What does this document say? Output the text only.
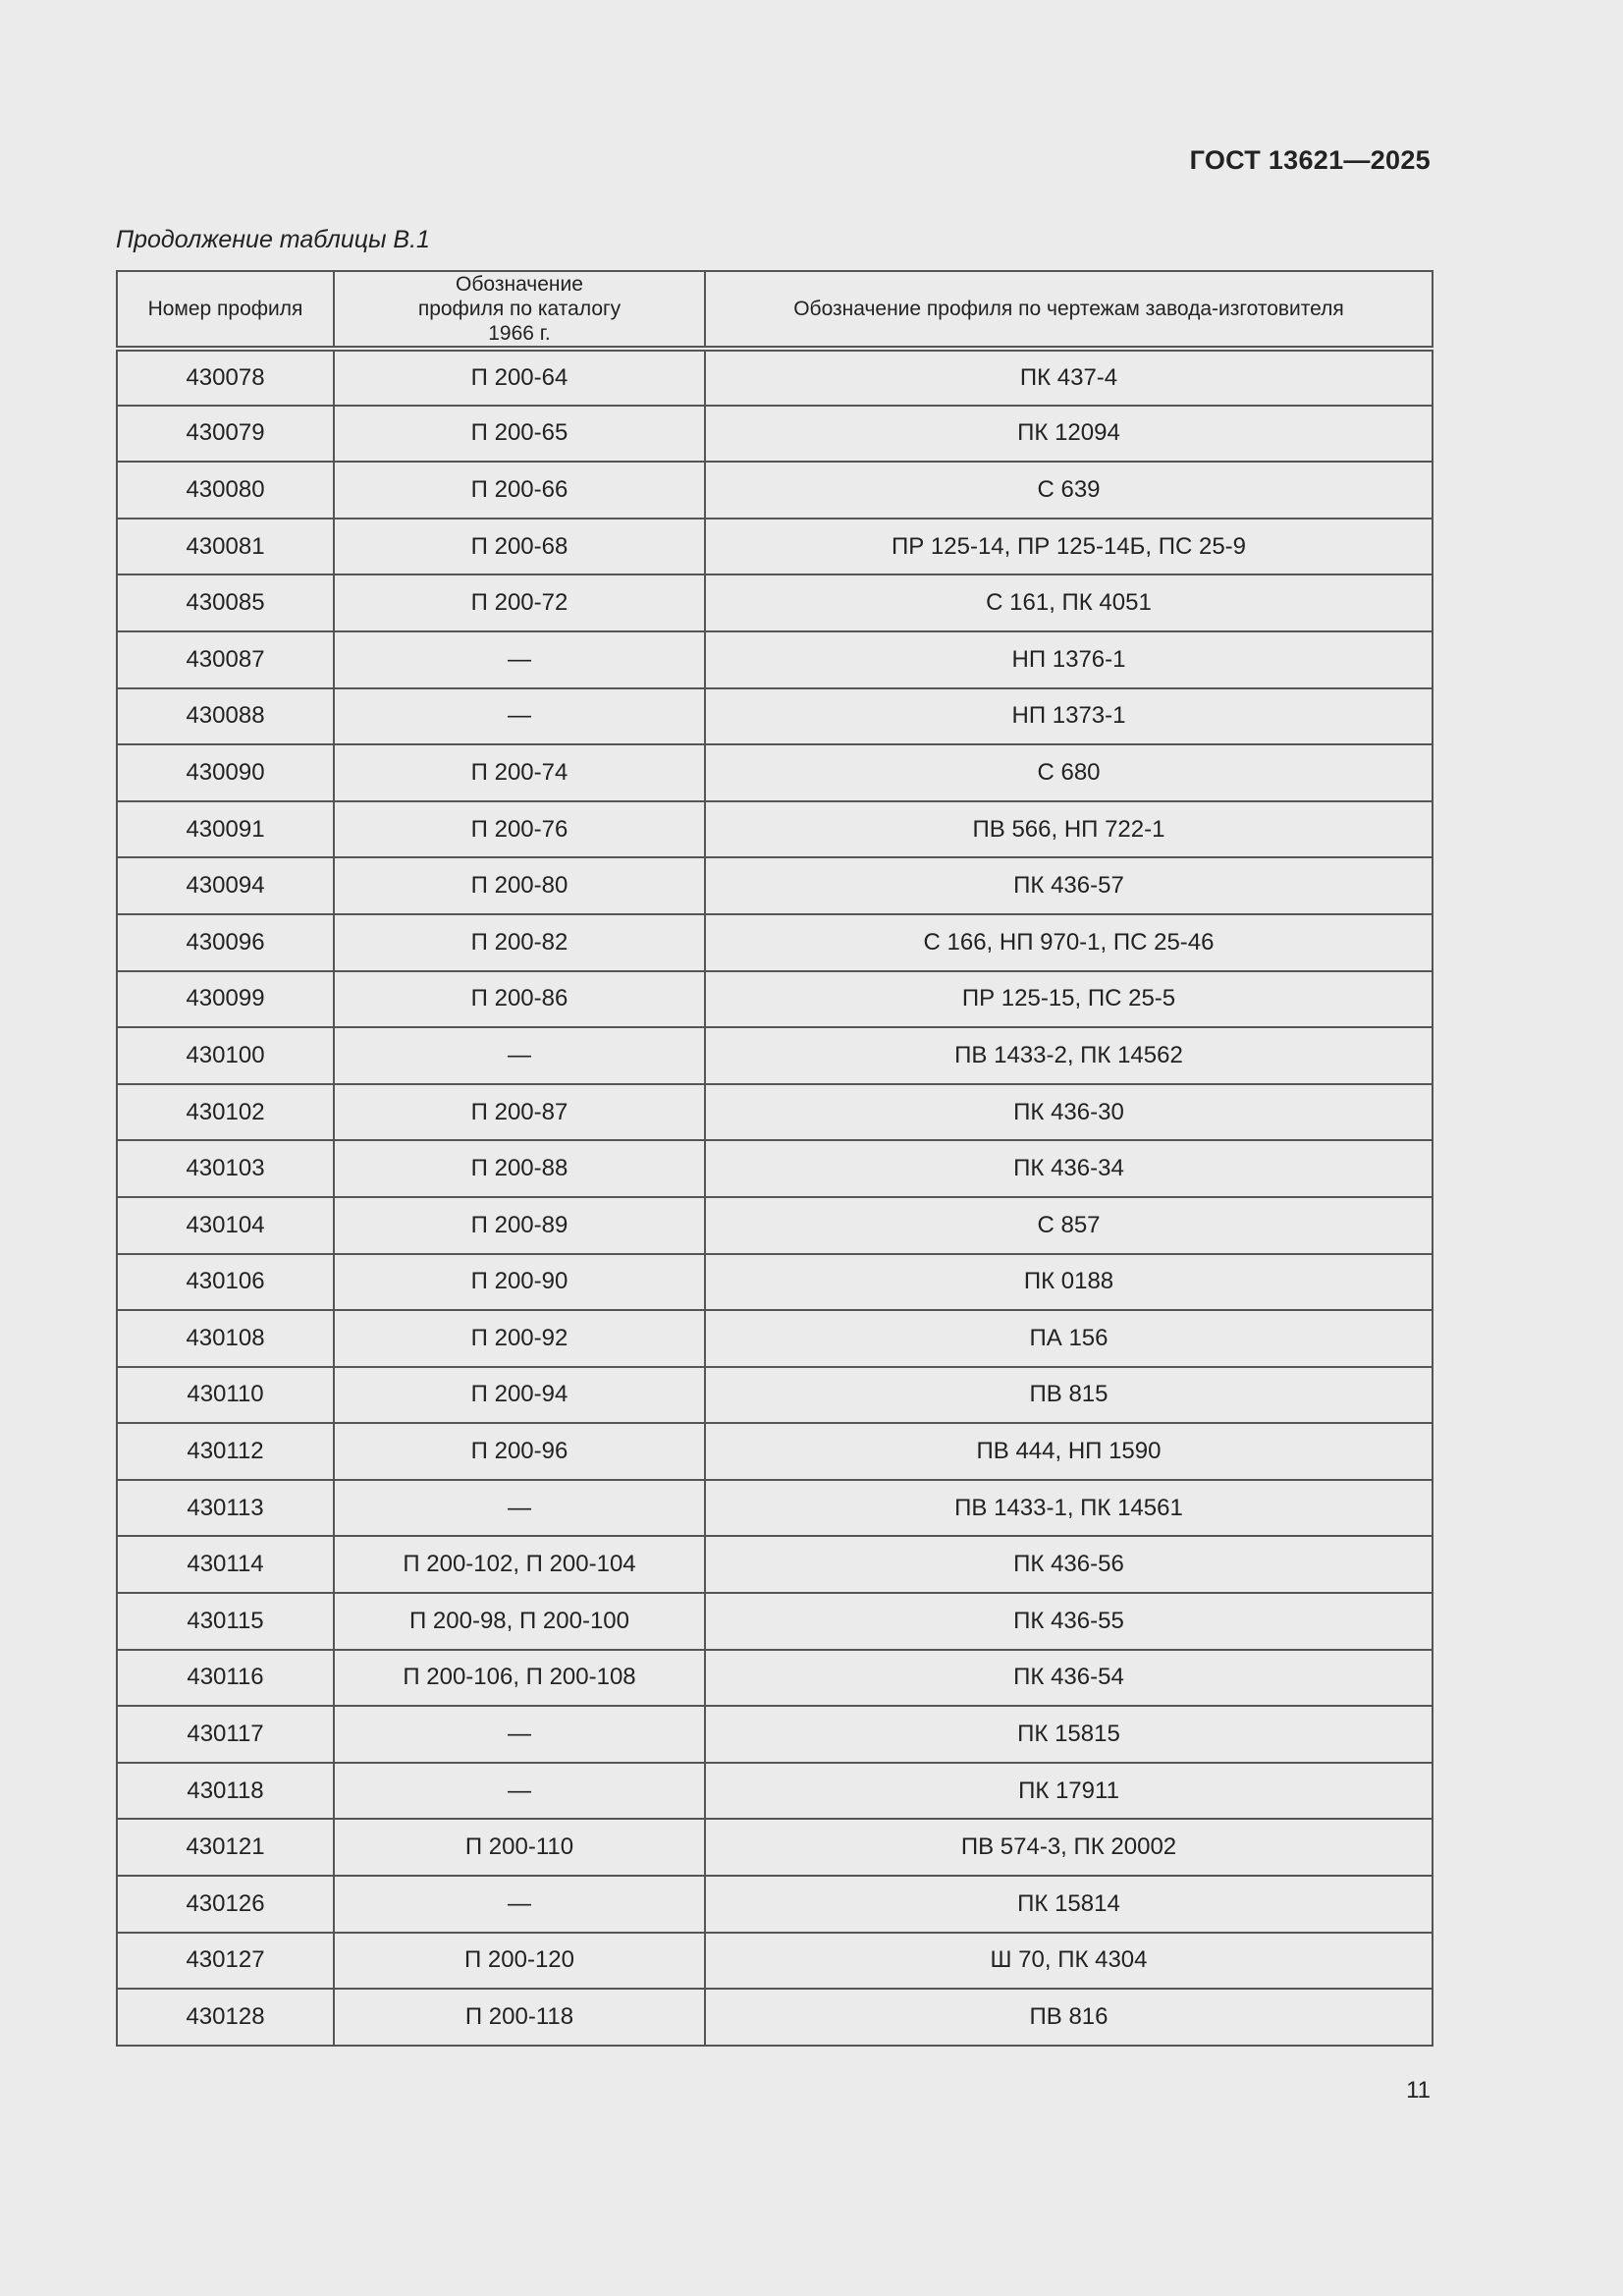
ГОСТ 13621—2025
Продолжение таблицы В.1
Номер профиля	Обозначение профиля по каталогу 1966 г.	Обозначение профиля по чертежам завода-изготовителя
430078	П 200-64	ПК 437-4
430079	П 200-65	ПК 12094
430080	П 200-66	С 639
430081	П 200-68	ПР 125-14, ПР 125-14Б, ПС 25-9
430085	П 200-72	С 161, ПК 4051
430087	—	НП 1376-1
430088	—	НП 1373-1
430090	П 200-74	С 680
430091	П 200-76	ПВ 566, НП 722-1
430094	П 200-80	ПК 436-57
430096	П 200-82	С 166, НП 970-1, ПС 25-46
430099	П 200-86	ПР 125-15, ПС 25-5
430100	—	ПВ 1433-2, ПК 14562
430102	П 200-87	ПК 436-30
430103	П 200-88	ПК 436-34
430104	П 200-89	С 857
430106	П 200-90	ПК 0188
430108	П 200-92	ПА 156
430110	П 200-94	ПВ 815
430112	П 200-96	ПВ 444, НП 1590
430113	—	ПВ 1433-1, ПК 14561
430114	П 200-102, П 200-104	ПК 436-56
430115	П 200-98, П 200-100	ПК 436-55
430116	П 200-106, П 200-108	ПК 436-54
430117	—	ПК 15815
430118	—	ПК 17911
430121	П 200-110	ПВ 574-3, ПК 20002
430126	—	ПК 15814
430127	П 200-120	Ш 70, ПК 4304
430128	П 200-118	ПВ 816
11
